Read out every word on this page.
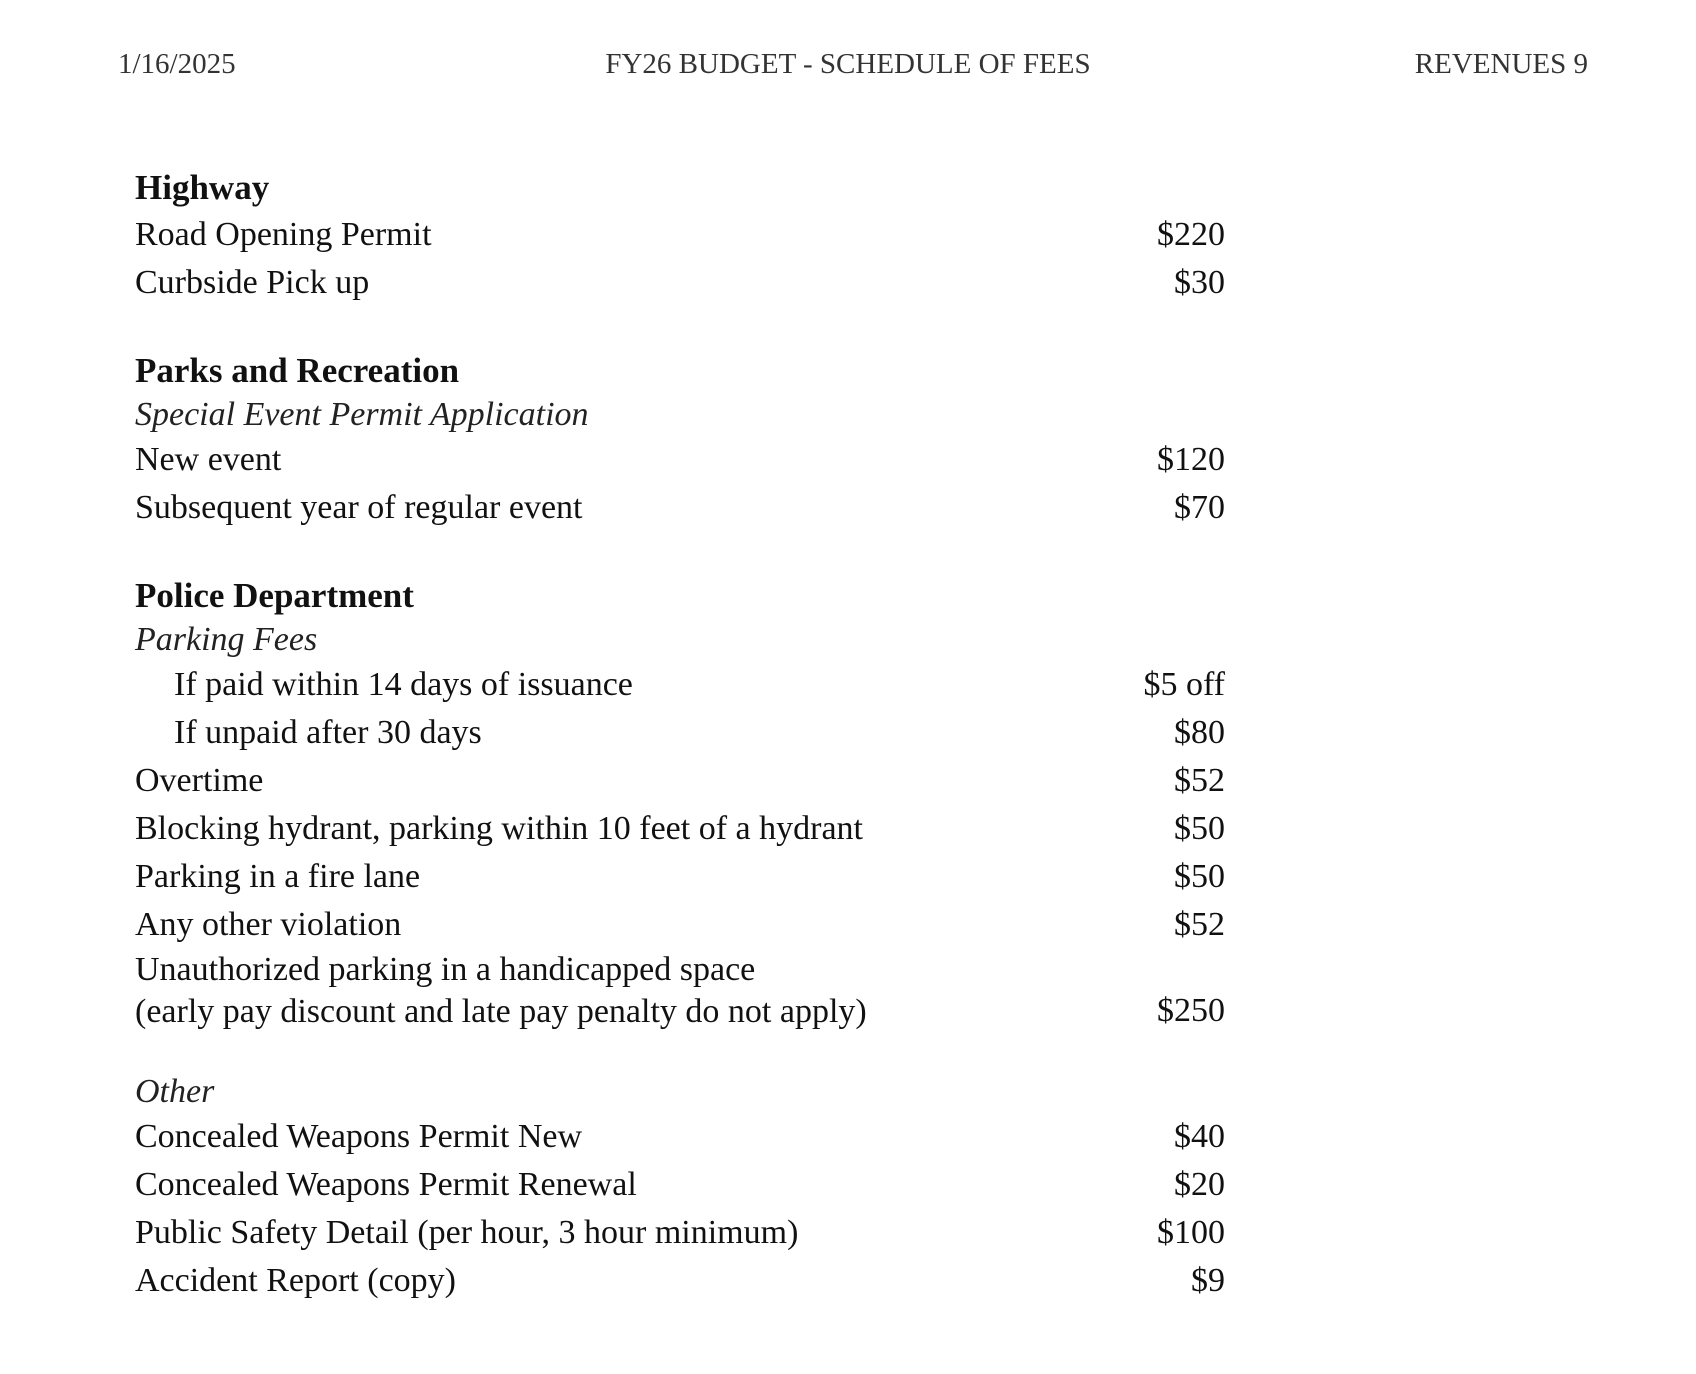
1/16/2025	FY26 BUDGET - SCHEDULE OF FEES	REVENUES 9
Highway
Road Opening Permit	$220
Curbside Pick up	$30
Parks and Recreation
Special Event Permit Application
New event	$120
Subsequent year of regular event	$70
Police Department
Parking Fees
If paid within 14 days of issuance	$5 off
If unpaid after 30 days	$80
Overtime	$52
Blocking hydrant, parking within 10 feet of a hydrant	$50
Parking in a fire lane	$50
Any other violation	$52
Unauthorized parking in a handicapped space
(early pay discount and late pay penalty do not apply)	$250
Other
Concealed Weapons Permit New	$40
Concealed Weapons Permit Renewal	$20
Public Safety Detail (per hour, 3 hour minimum)	$100
Accident Report (copy)	$9
